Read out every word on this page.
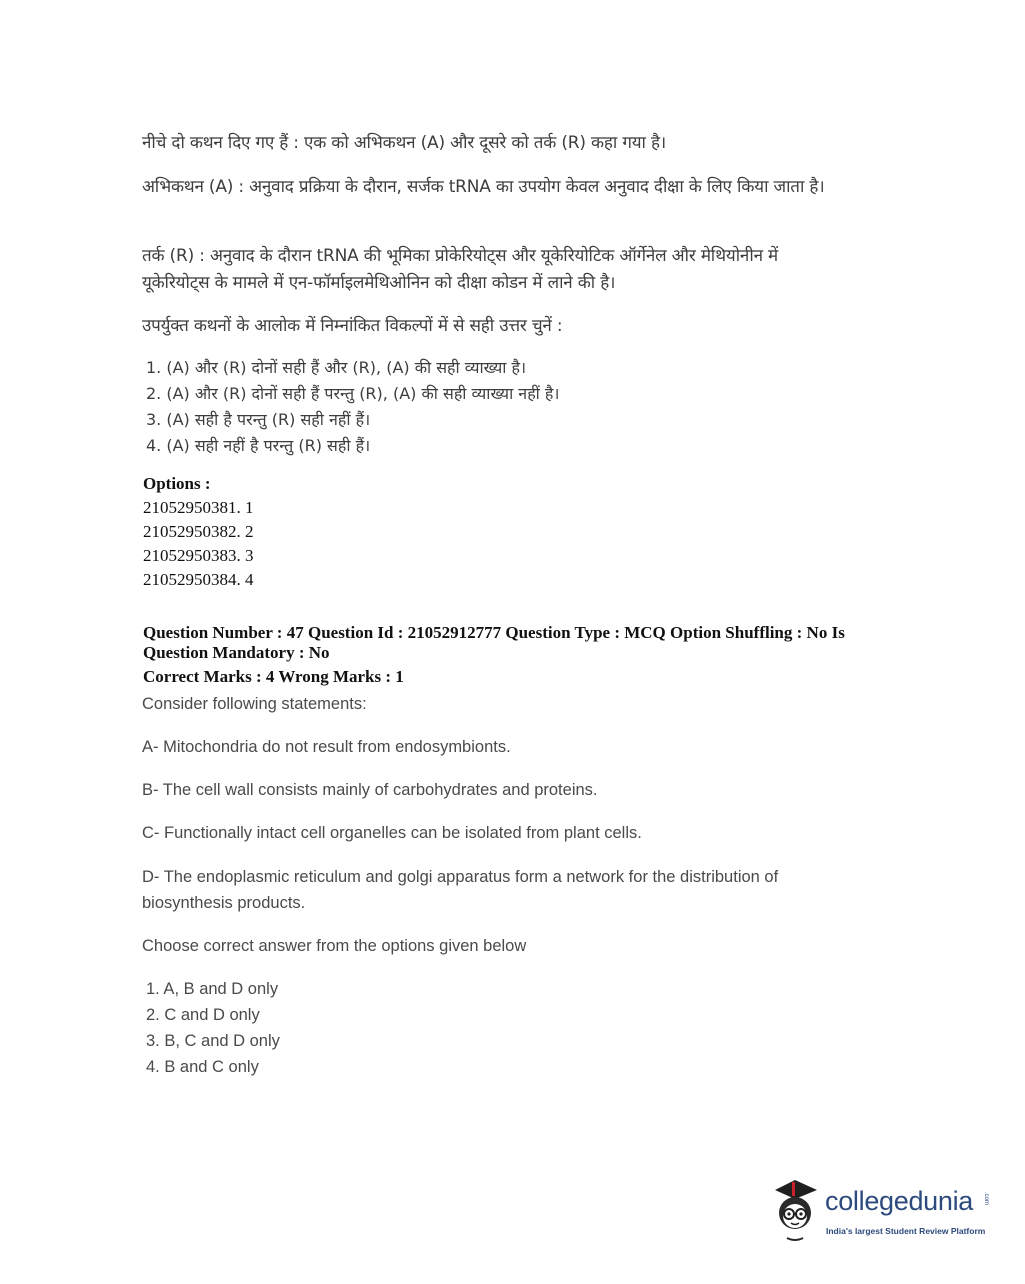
नीचे दो कथन दिए गए हैं : एक को अभिकथन (A) और दूसरे को तर्क (R) कहा गया है।
अभिकथन (A) : अनुवाद प्रक्रिया के दौरान, सर्जक tRNA का उपयोग केवल अनुवाद दीक्षा के लिए किया जाता है।
तर्क (R) : अनुवाद के दौरान tRNA की भूमिका प्रोकेरियोट्स और यूकेरियोटिक ऑर्गेनेल और मेथियोनीन में यूकेरियोट्स के मामले में एन-फॉर्माइलमेथिओनिन को दीक्षा कोडन में लाने की है।
उपर्युक्त कथनों के आलोक में निम्नांकित विकल्पों में से सही उत्तर चुनें :
1. (A) और (R) दोनों सही हैं और (R), (A) की सही व्याख्या है।
2. (A) और (R) दोनों सही हैं परन्तु (R), (A) की सही व्याख्या नहीं है।
3. (A) सही है परन्तु (R) सही नहीं हैं।
4. (A) सही नहीं है परन्तु (R) सही हैं।
Options :
21052950381. 1
21052950382. 2
21052950383. 3
21052950384. 4
Question Number : 47 Question Id : 21052912777 Question Type : MCQ Option Shuffling : No Is Question Mandatory : No
Correct Marks : 4 Wrong Marks : 1
Consider following statements:
A- Mitochondria do not result from endosymbionts.
B- The cell wall consists mainly of carbohydrates and proteins.
C- Functionally intact cell organelles can be isolated from plant cells.
D- The endoplasmic reticulum and golgi apparatus form a network for the distribution of biosynthesis products.
Choose correct answer from the options given below
1. A, B and D only
2. C and D only
3. B, C and D only
4. B and C only
collegedunia .com
India's largest Student Review Platform
